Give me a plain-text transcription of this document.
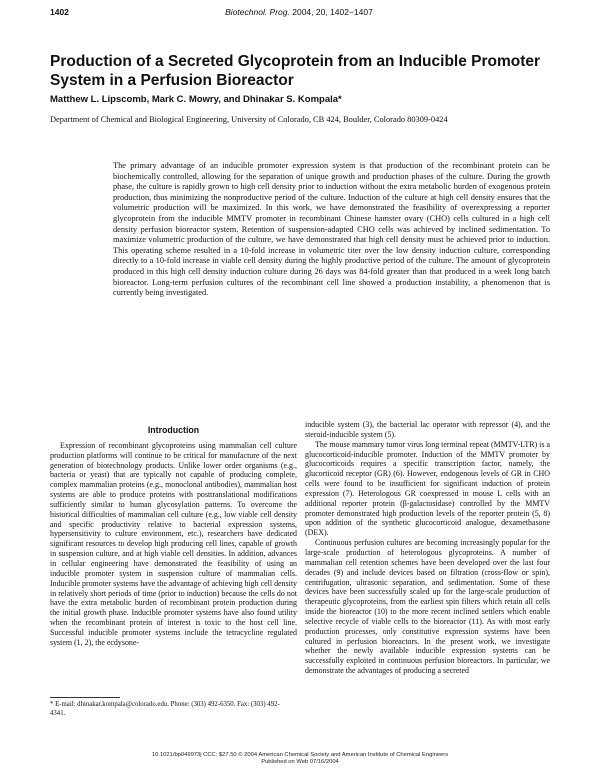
1402	Biotechnol. Prog. 2004, 20, 1402−1407
Production of a Secreted Glycoprotein from an Inducible Promoter System in a Perfusion Bioreactor
Matthew L. Lipscomb, Mark C. Mowry, and Dhinakar S. Kompala*
Department of Chemical and Biological Engineering, University of Colorado, CB 424, Boulder, Colorado 80309-0424
The primary advantage of an inducible promoter expression system is that production of the recombinant protein can be biochemically controlled, allowing for the separation of unique growth and production phases of the culture. During the growth phase, the culture is rapidly grown to high cell density prior to induction without the extra metabolic burden of exogenous protein production, thus minimizing the nonproductive period of the culture. Induction of the culture at high cell density ensures that the volumetric production will be maximized. In this work, we have demonstrated the feasibility of overexpressing a reporter glycoprotein from the inducible MMTV promoter in recombinant Chinese hamster ovary (CHO) cells cultured in a high cell density perfusion bioreactor system. Retention of suspension-adapted CHO cells was achieved by inclined sedimentation. To maximize volumetric production of the culture, we have demonstrated that high cell density must be achieved prior to induction. This operating scheme resulted in a 10-fold increase in volumetric titer over the low density induction culture, corresponding directly to a 10-fold increase in viable cell density during the highly productive period of the culture. The amount of glycoprotein produced in this high cell density induction culture during 26 days was 84-fold greater than that produced in a week long batch bioreactor. Long-term perfusion cultures of the recombinant cell line showed a production instability, a phenomenon that is currently being investigated.
Introduction

Expression of recombinant glycoproteins using mammalian cell culture production platforms will continue to be critical for manufacture of the next generation of biotechnology products. Unlike lower order organisms (e.g., bacteria or yeast) that are typically not capable of producing complete, complex mammalian proteins (e.g., monoclonal antibodies), mammalian host systems are able to produce proteins with posttranslational modifications sufficiently similar to human glycosylation patterns. To overcome the historical difficulties of mammalian cell culture (e.g., low viable cell density and specific productivity relative to bacterial expression systems, hypersensitivity to culture environment, etc.), researchers have dedicated significant resources to develop high producing cell lines, capable of growth in suspension culture, and at high viable cell densities. In addition, advances in cellular engineering have demonstrated the feasibility of using an inducible promoter system in suspension culture of mammalian cells. Inducible promoter systems have the advantage of achieving high cell density in relatively short periods of time (prior to induction) because the cells do not have the extra metabolic burden of recombinant protein production during the initial growth phase. Inducible promoter systems have also found utility when the recombinant protein of interest is toxic to the host cell line. Successful inducible promoter systems include the tetracycline regulated system (1, 2), the ecdysone-

inducible system (3), the bacterial lac operator with repressor (4), and the steroid-inducible system (5).

The mouse mammary tumor virus long terminal repeat (MMTV-LTR) is a glucocorticoid-inducible promoter. Induction of the MMTV promoter by glucocorticoids requires a specific transcription factor, namely, the glucorticoid receptor (GR) (6). However, endogenous levels of GR in CHO cells were found to be insufficient for significant induction of protein expression (7). Heterologous GR coexpressed in mouse L cells with an additional reporter protein (β-galactosidase) controlled by the MMTV promoter demonstrated high production levels of the reporter protein (5, 8) upon addition of the synthetic glucocorticoid analogue, dexamethasone (DEX).

Continuous perfusion cultures are becoming increasingly popular for the large-scale production of heterologous glycoproteins. A number of mammalian cell retention schemes have been developed over the last four decades (9) and include devices based on filtration (cross-flow or spin), centrifugation, ultrasonic separation, and sedimentation. Some of these devices have been successfully scaled up for the large-scale production of therapeutic glycoproteins, from the earliest spin filters which retain all cells inside the bioreactor (10) to the more recent inclined settlers which enable selective recycle of viable cells to the bioreactor (11). As with most early production processes, only constitutive expression systems have been cultured in perfusion bioreactors. In the present work, we investigate whether the newly available inducible expression systems can be successfully exploited in continuous perfusion bioreactors. In particular, we demonstrate the advantages of producing a secreted

* E-mail: dhinakar.kompala@colorado.edu. Phone: (303) 492-6350. Fax: (303) 492-4341.
10.1021/bp049973j CCC: $27.50 © 2004 American Chemical Society and American Institute of Chemical Engineers
Published on Web 07/16/2004
